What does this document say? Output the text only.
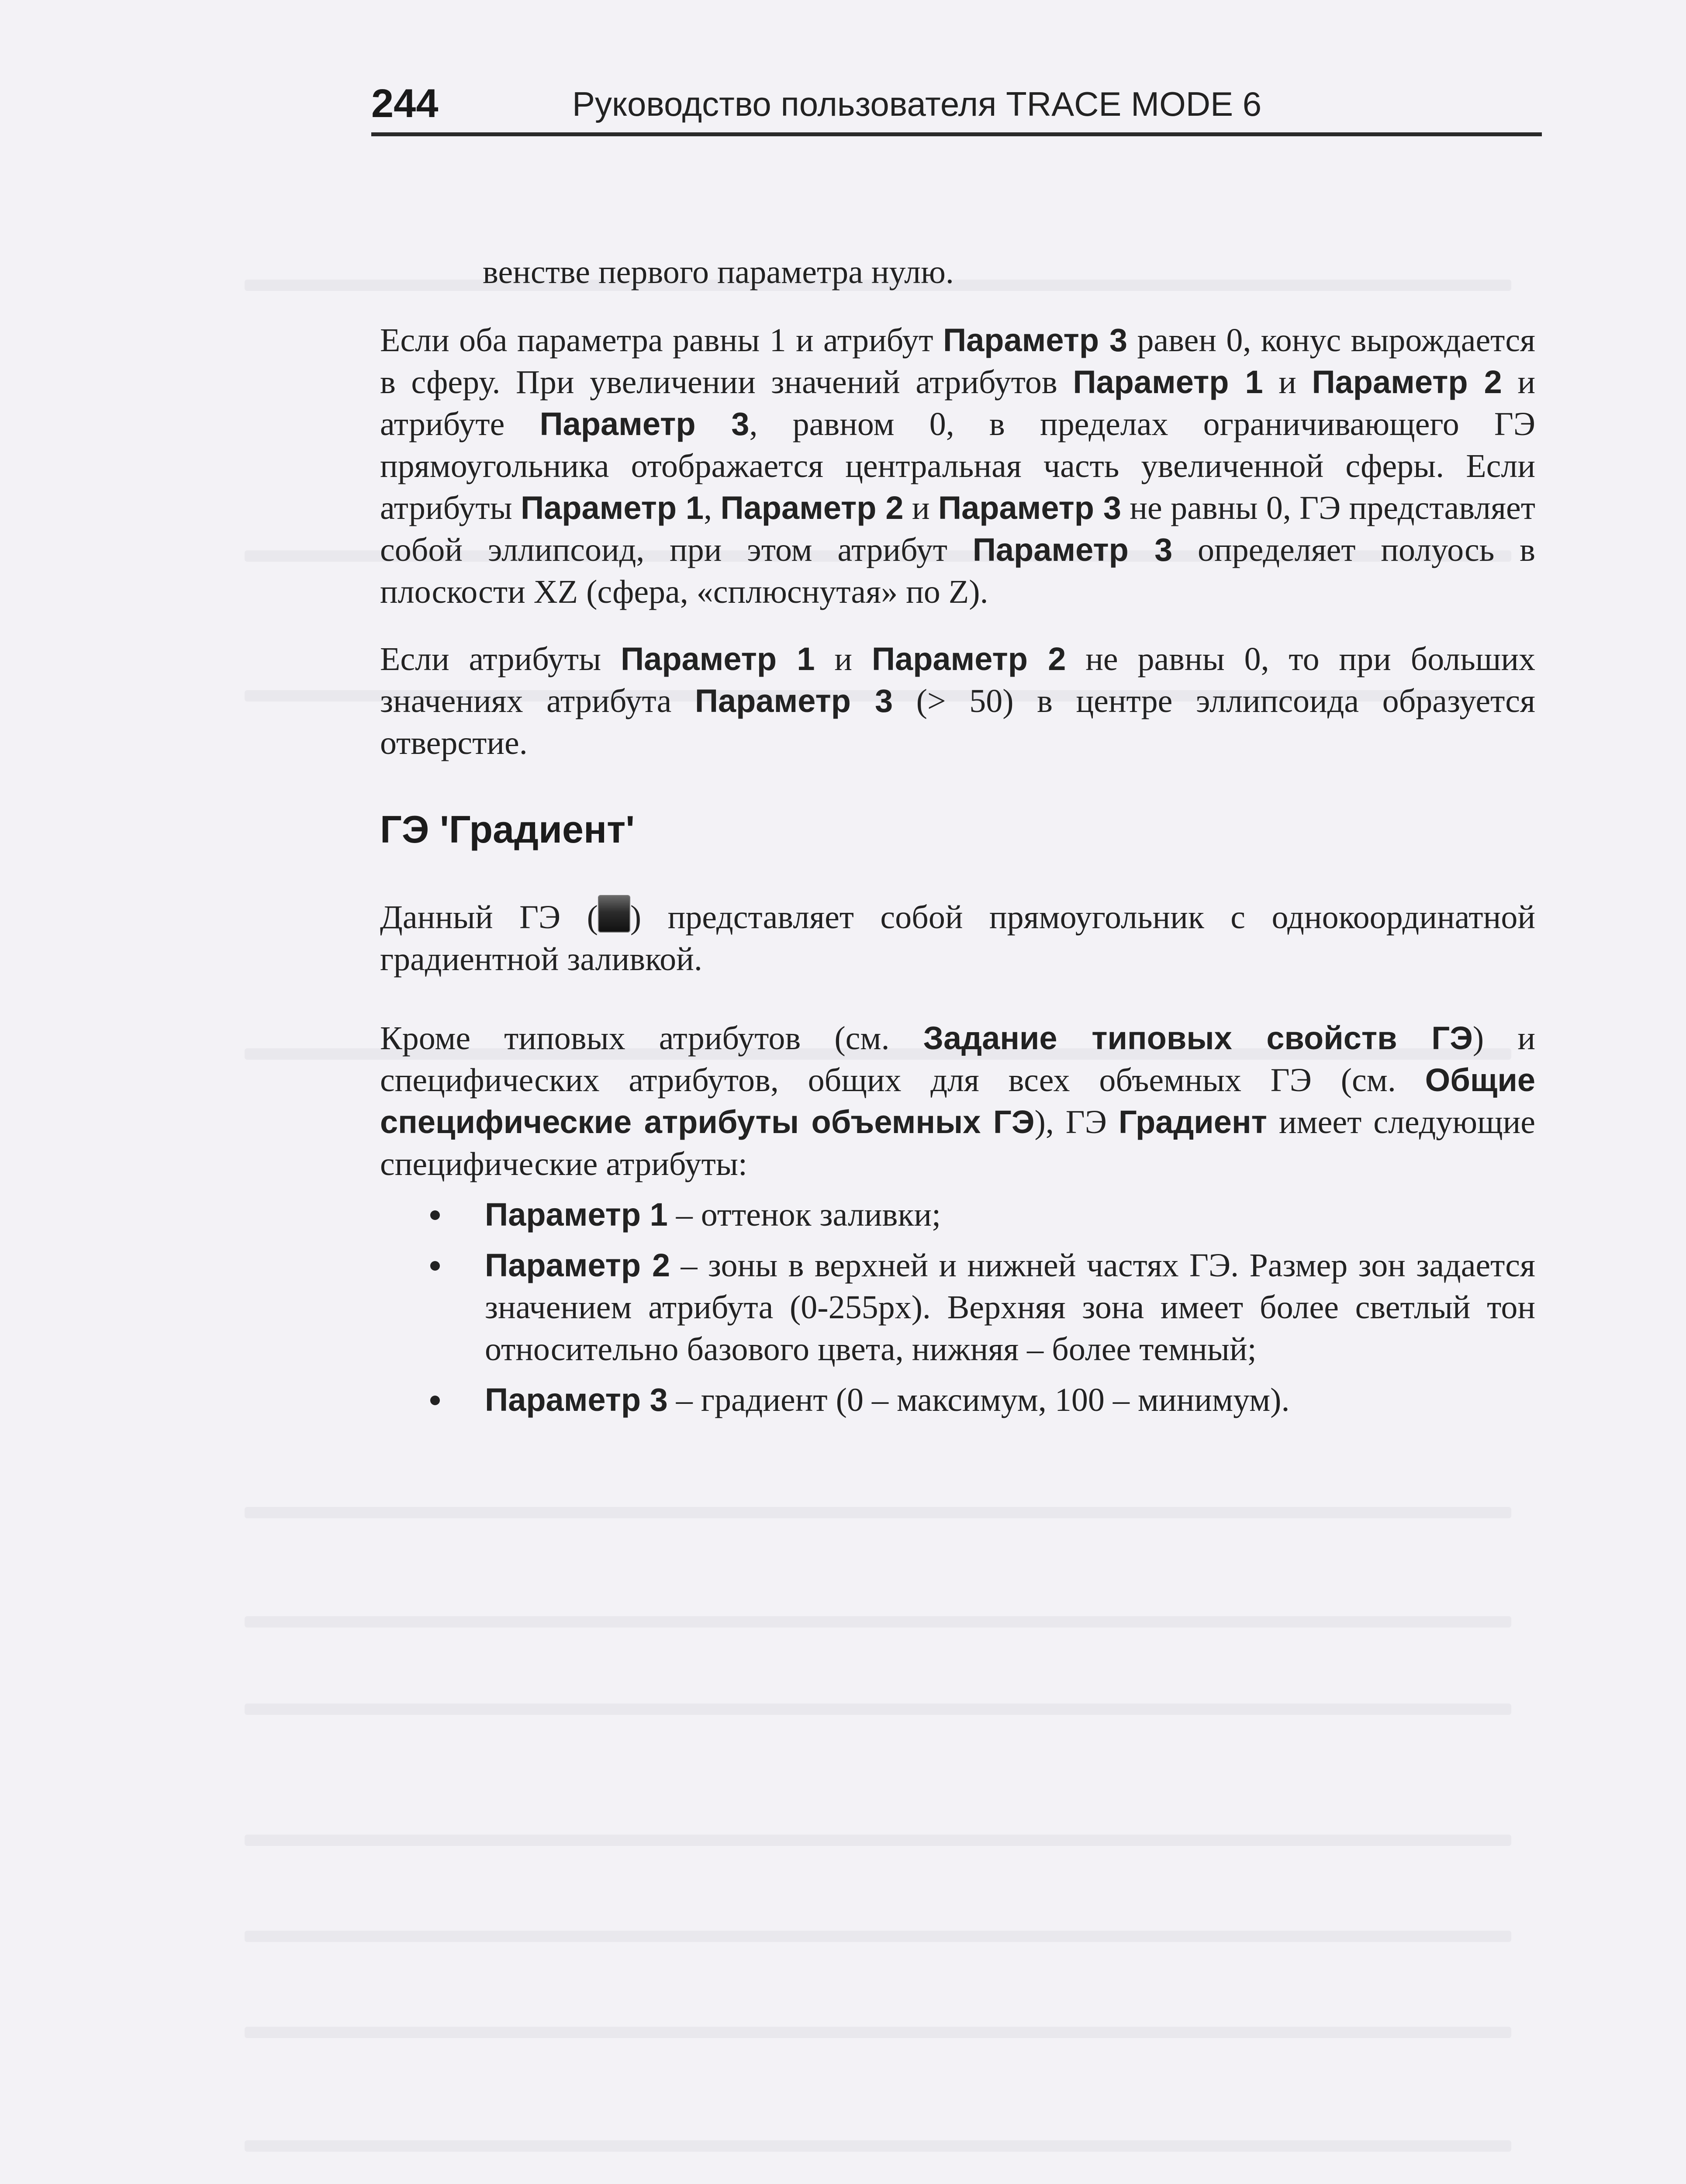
244	Руководство пользователя TRACE MODE 6

венстве первого параметра нулю.

Если оба параметра равны 1 и атрибут Параметр 3 равен 0, конус вырождается в сферу. При увеличении значений атрибутов Параметр 1 и Параметр 2 и атрибуте Параметр 3, равном 0, в пределах ограничивающего ГЭ прямоугольника отображается центральная часть увеличенной сферы. Если атрибуты Параметр 1, Параметр 2 и Параметр 3 не равны 0, ГЭ представляет собой эллипсоид, при этом атрибут Параметр 3 определяет полуось в плоскости XZ (сфера, «сплюснутая» по Z).

Если атрибуты Параметр 1 и Параметр 2 не равны 0, то при больших значениях атрибута Параметр 3 (> 50) в центре эллипсоида образуется отверстие.

ГЭ 'Градиент'

Данный ГЭ ( ) представляет собой прямоугольник с однокоординатной градиентной заливкой.

Кроме типовых атрибутов (см. Задание типовых свойств ГЭ) и специфических атрибутов, общих для всех объемных ГЭ (см. Общие специфические атрибуты объемных ГЭ), ГЭ Градиент имеет следующие специфические атрибуты:

Параметр 1 – оттенок заливки;
Параметр 2 – зоны в верхней и нижней частях ГЭ. Размер зон задается значением атрибута (0-255px). Верхняя зона имеет более светлый тон относительно базового цвета, нижняя – более темный;
Параметр 3 – градиент (0 – максимум, 100 – минимум).
